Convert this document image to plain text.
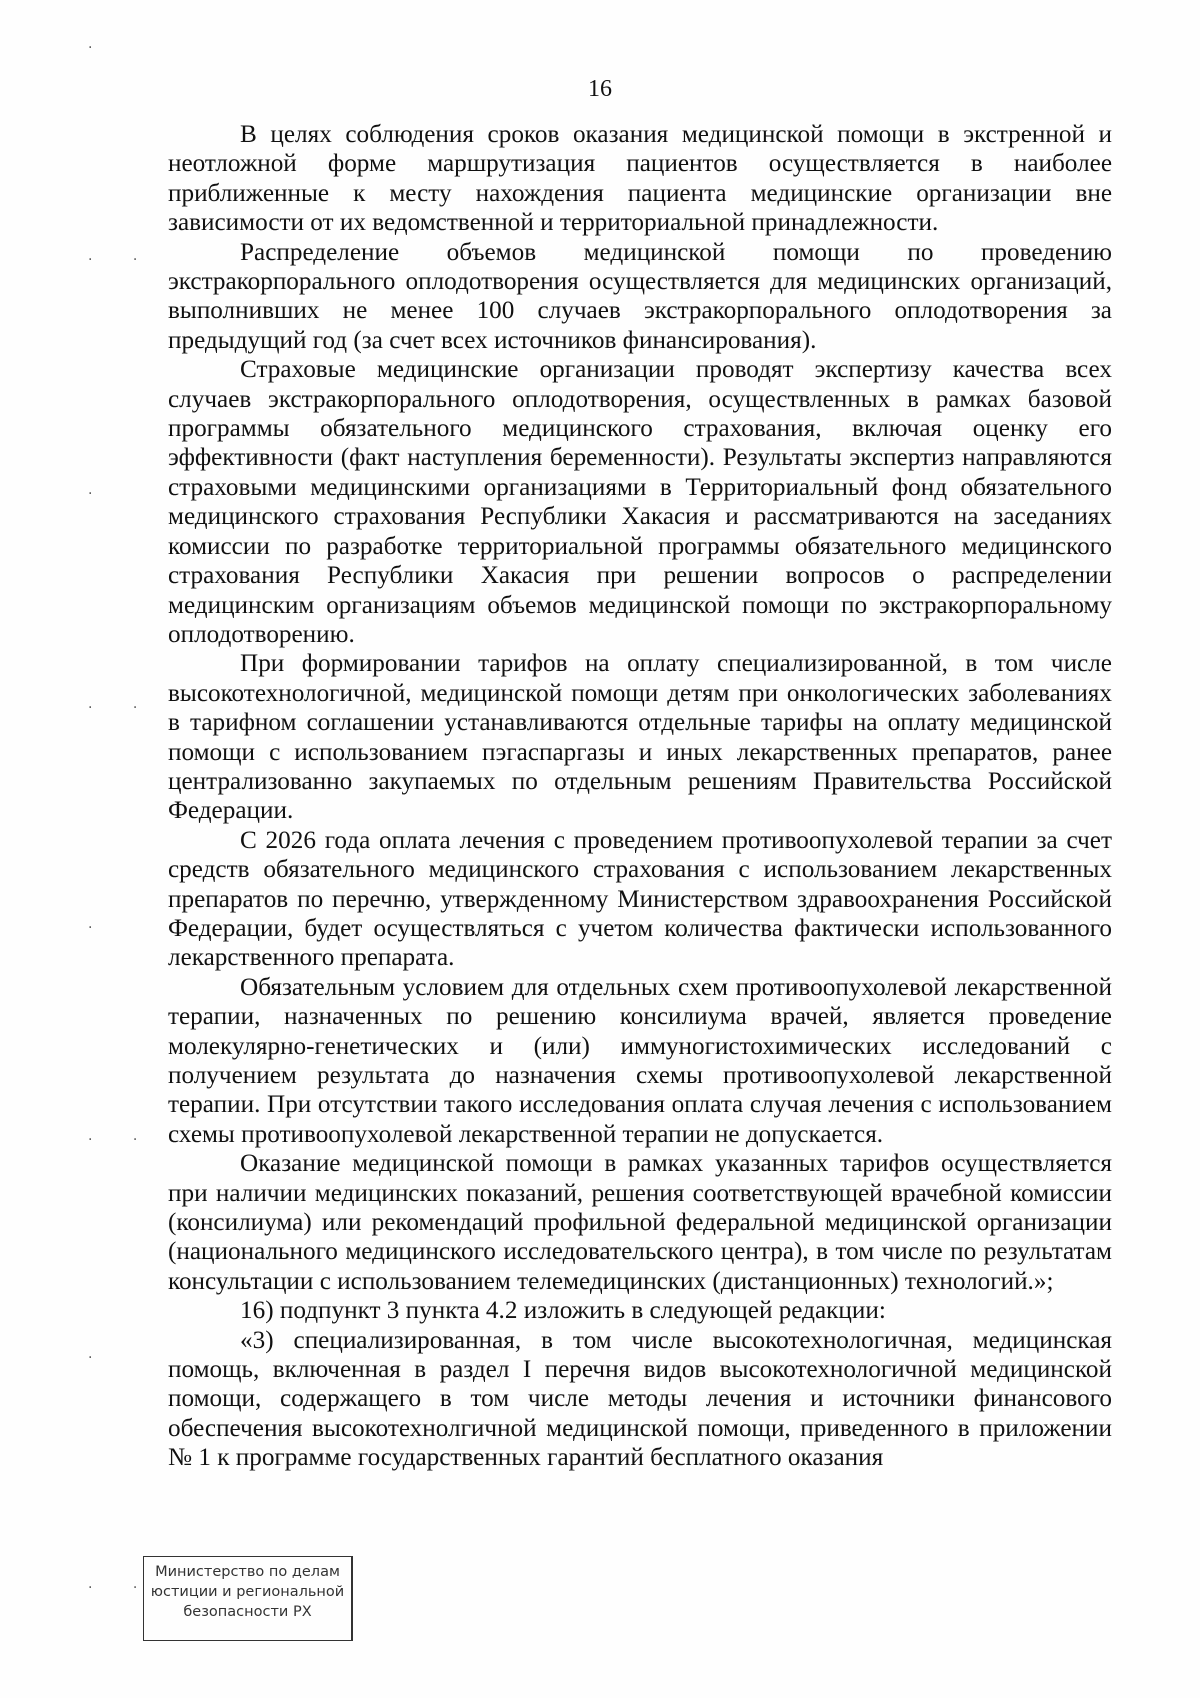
16

В целях соблюдения сроков оказания медицинской помощи в экстренной и неотложной форме маршрутизация пациентов осуществляется в наиболее приближенные к месту нахождения пациента медицинские организации вне зависимости от их ведомственной и территориальной принадлежности.

Распределение объемов медицинской помощи по проведению экстракорпорального оплодотворения осуществляется для медицинских организаций, выполнивших не менее 100 случаев экстракорпорального оплодотворения за предыдущий год (за счет всех источников финансирования).

Страховые медицинские организации проводят экспертизу качества всех случаев экстракорпорального оплодотворения, осуществленных в рамках базовой программы обязательного медицинского страхования, включая оценку его эффективности (факт наступления беременности). Результаты экспертиз направляются страховыми медицинскими организациями в Территориальный фонд обязательного медицинского страхования Республики Хакасия и рассматриваются на заседаниях комиссии по разработке территориальной программы обязательного медицинского страхования Республики Хакасия при решении вопросов о распределении медицинским организациям объемов медицинской помощи по экстракорпоральному оплодотворению.

При формировании тарифов на оплату специализированной, в том числе высокотехнологичной, медицинской помощи детям при онкологических заболеваниях в тарифном соглашении устанавливаются отдельные тарифы на оплату медицинской помощи с использованием пэгаспаргазы и иных лекарственных препаратов, ранее централизованно закупаемых по отдельным решениям Правительства Российской Федерации.

С 2026 года оплата лечения с проведением противоопухолевой терапии за счет средств обязательного медицинского страхования с использованием лекарственных препаратов по перечню, утвержденному Министерством здравоохранения Российской Федерации, будет осуществляться с учетом количества фактически использованного лекарственного препарата.

Обязательным условием для отдельных схем противоопухолевой лекарственной терапии, назначенных по решению консилиума врачей, является проведение молекулярно-генетических и (или) иммуногистохимических исследований с получением результата до назначения схемы противоопухолевой лекарственной терапии. При отсутствии такого исследования оплата случая лечения с использованием схемы противоопухолевой лекарственной терапии не допускается.

Оказание медицинской помощи в рамках указанных тарифов осуществляется при наличии медицинских показаний, решения соответствующей врачебной комиссии (консилиума) или рекомендаций профильной федеральной медицинской организации (национального медицинского исследовательского центра), в том числе по результатам консультации с использованием телемедицинских (дистанционных) технологий.»;

16) подпункт 3 пункта 4.2 изложить в следующей редакции:

«3) специализированная, в том числе высокотехнологичная, медицинская помощь, включенная в раздел I перечня видов высокотехнологичной медицинской помощи, содержащего в том числе методы лечения и источники финансового обеспечения высокотехнолгичной медицинской помощи, приведенного в приложении № 1 к программе государственных гарантий бесплатного оказания

·
· ·
·
· ·
·
· ·
·
· ·
Министерство по делам
юстиции и региональной
безопасности РХ
